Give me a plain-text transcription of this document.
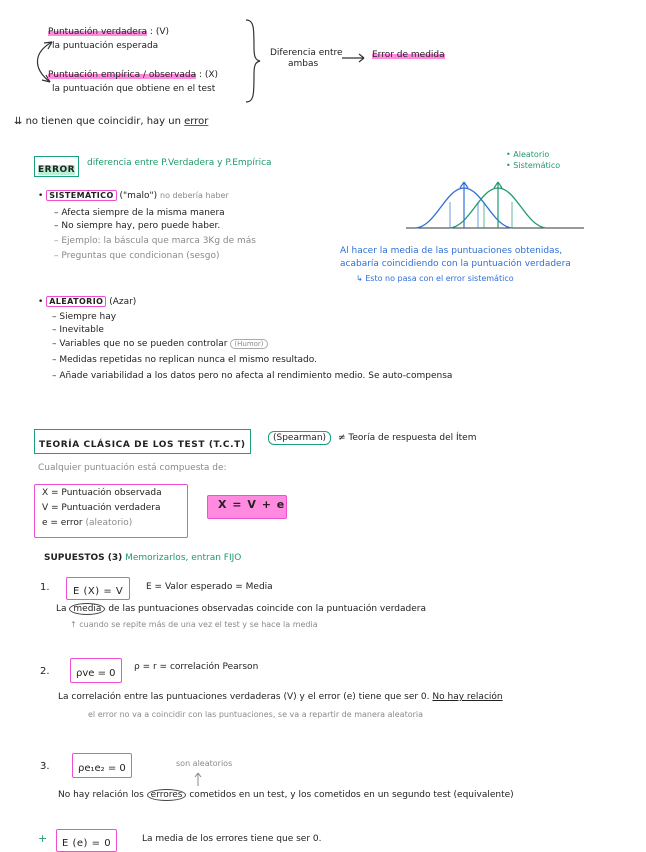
Puntuación verdadera : (V)
la puntuación esperada
Puntuación empírica / observada : (X)
la puntuación que obtiene en el test
Diferencia entre
ambas
Error de medida
⇊ no tienen que coincidir, hay un error
ERROR
diferencia entre P.Verdadera y P.Empírica
• Aleatorio
• Sistemático
Al hacer la media de las puntuaciones obtenidas,
acabaría coincidiendo con la puntuación verdadera
↳ Esto no pasa con el error sistemático
• SISTEMÁTICO ("malo") no debería haber
– Afecta siempre de la misma manera
– No siempre hay, pero puede haber.
– Ejemplo: la báscula que marca 3Kg de más
– Preguntas que condicionan (sesgo)
• ALEATORIO (Azar)
– Siempre hay
– Inevitable
– Variables que no se pueden controlar (Humor)
– Medidas repetidas no replican nunca el mismo resultado.
– Añade variabilidad a los datos pero no afecta al rendimiento medio. Se auto-compensa
TEORÍA CLÁSICA DE LOS TEST (T.C.T)
(Spearman)	≠ Teoría de respuesta del Ítem
Cualquier puntuación está compuesta de:
X = Puntuación observada
V = Puntuación verdadera
e = error (aleatorio)
X = V + e
SUPUESTOS (3) Memorizarlos, entran FIJO
1.	E (X) = V	E = Valor esperado = Media
La media de las puntuaciones observadas coincide con la puntuación verdadera
↑ cuando se repite más de una vez el test y se hace la media
2.	ρve = 0
ρ = r = correlación Pearson
La correlación entre las puntuaciones verdaderas (V) y el error (e) tiene que ser 0. No hay relación
el error no va a coincidir con las puntuaciones, se va a repartir de manera aleatoria
3.	ρe₁e₂ = 0	son aleatorios
No hay relación los errores cometidos en un test, y los cometidos en un segundo test (equivalente)
+	E (e) = 0	La media de los errores tiene que ser 0.
